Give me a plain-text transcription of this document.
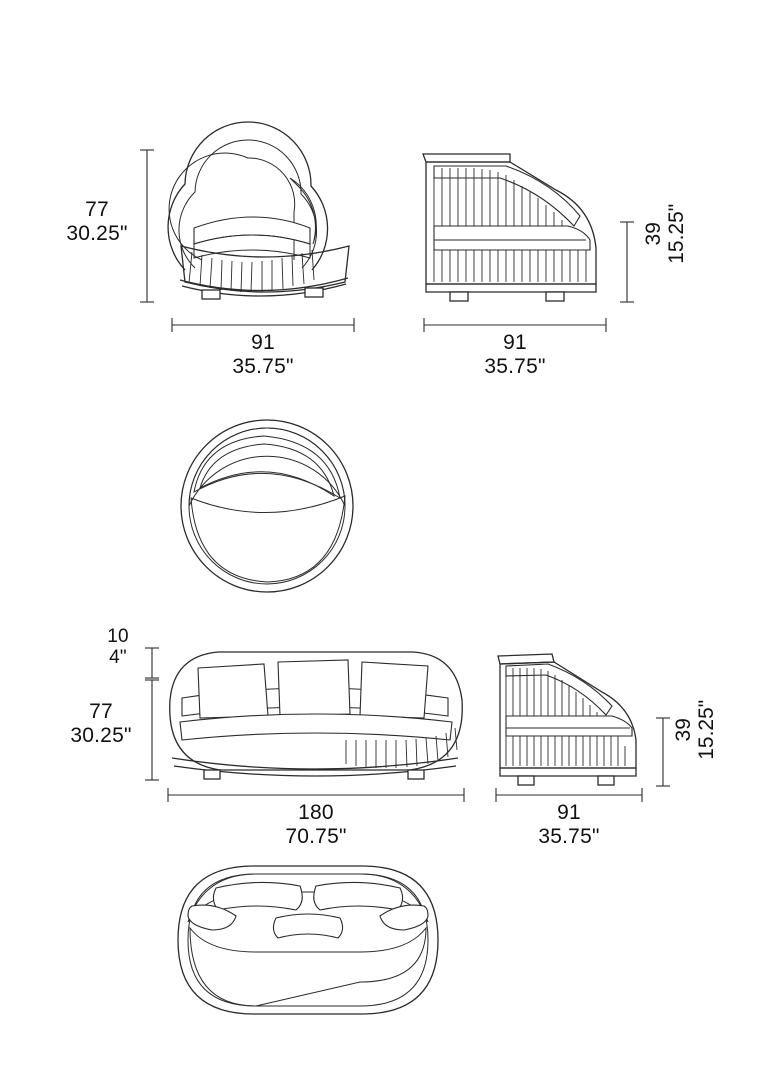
77
30.25"
91
35.75"
39 15.25"
91
35.75"
10
4"
77
30.25"
180
70.75"
39 15.25"
91
35.75"
